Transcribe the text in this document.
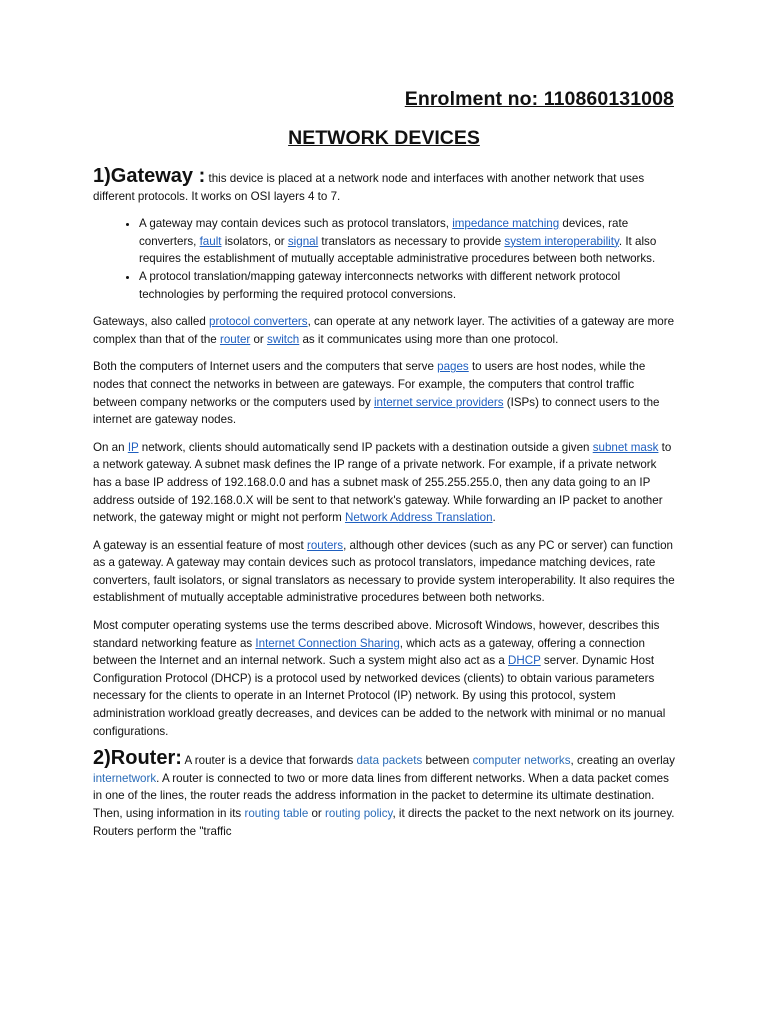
Enrolment no: 110860131008
NETWORK DEVICES

1)Gateway : this device is placed at a network node and interfaces with another network that uses different protocols. It works on OSI layers 4 to 7.

• A gateway may contain devices such as protocol translators, impedance matching devices, rate converters, fault isolators, or signal translators as necessary to provide system interoperability. It also requires the establishment of mutually acceptable administrative procedures between both networks.
• A protocol translation/mapping gateway interconnects networks with different network protocol technologies by performing the required protocol conversions.

Gateways, also called protocol converters, can operate at any network layer. The activities of a gateway are more complex than that of the router or switch as it communicates using more than one protocol.

Both the computers of Internet users and the computers that serve pages to users are host nodes, while the nodes that connect the networks in between are gateways. For example, the computers that control traffic between company networks or the computers used by internet service providers (ISPs) to connect users to the internet are gateway nodes.

On an IP network, clients should automatically send IP packets with a destination outside a given subnet mask to a network gateway. A subnet mask defines the IP range of a private network. For example, if a private network has a base IP address of 192.168.0.0 and has a subnet mask of 255.255.255.0, then any data going to an IP address outside of 192.168.0.X will be sent to that network's gateway. While forwarding an IP packet to another network, the gateway might or might not perform Network Address Translation.

A gateway is an essential feature of most routers, although other devices (such as any PC or server) can function as a gateway. A gateway may contain devices such as protocol translators, impedance matching devices, rate converters, fault isolators, or signal translators as necessary to provide system interoperability. It also requires the establishment of mutually acceptable administrative procedures between both networks.

Most computer operating systems use the terms described above. Microsoft Windows, however, describes this standard networking feature as Internet Connection Sharing, which acts as a gateway, offering a connection between the Internet and an internal network. Such a system might also act as a DHCP server. Dynamic Host Configuration Protocol (DHCP) is a protocol used by networked devices (clients) to obtain various parameters necessary for the clients to operate in an Internet Protocol (IP) network. By using this protocol, system administration workload greatly decreases, and devices can be added to the network with minimal or no manual configurations.

2)Router: A router is a device that forwards data packets between computer networks, creating an overlay internetwork. A router is connected to two or more data lines from different networks. When a data packet comes in one of the lines, the router reads the address information in the packet to determine its ultimate destination. Then, using information in its routing table or routing policy, it directs the packet to the next network on its journey. Routers perform the "traffic
